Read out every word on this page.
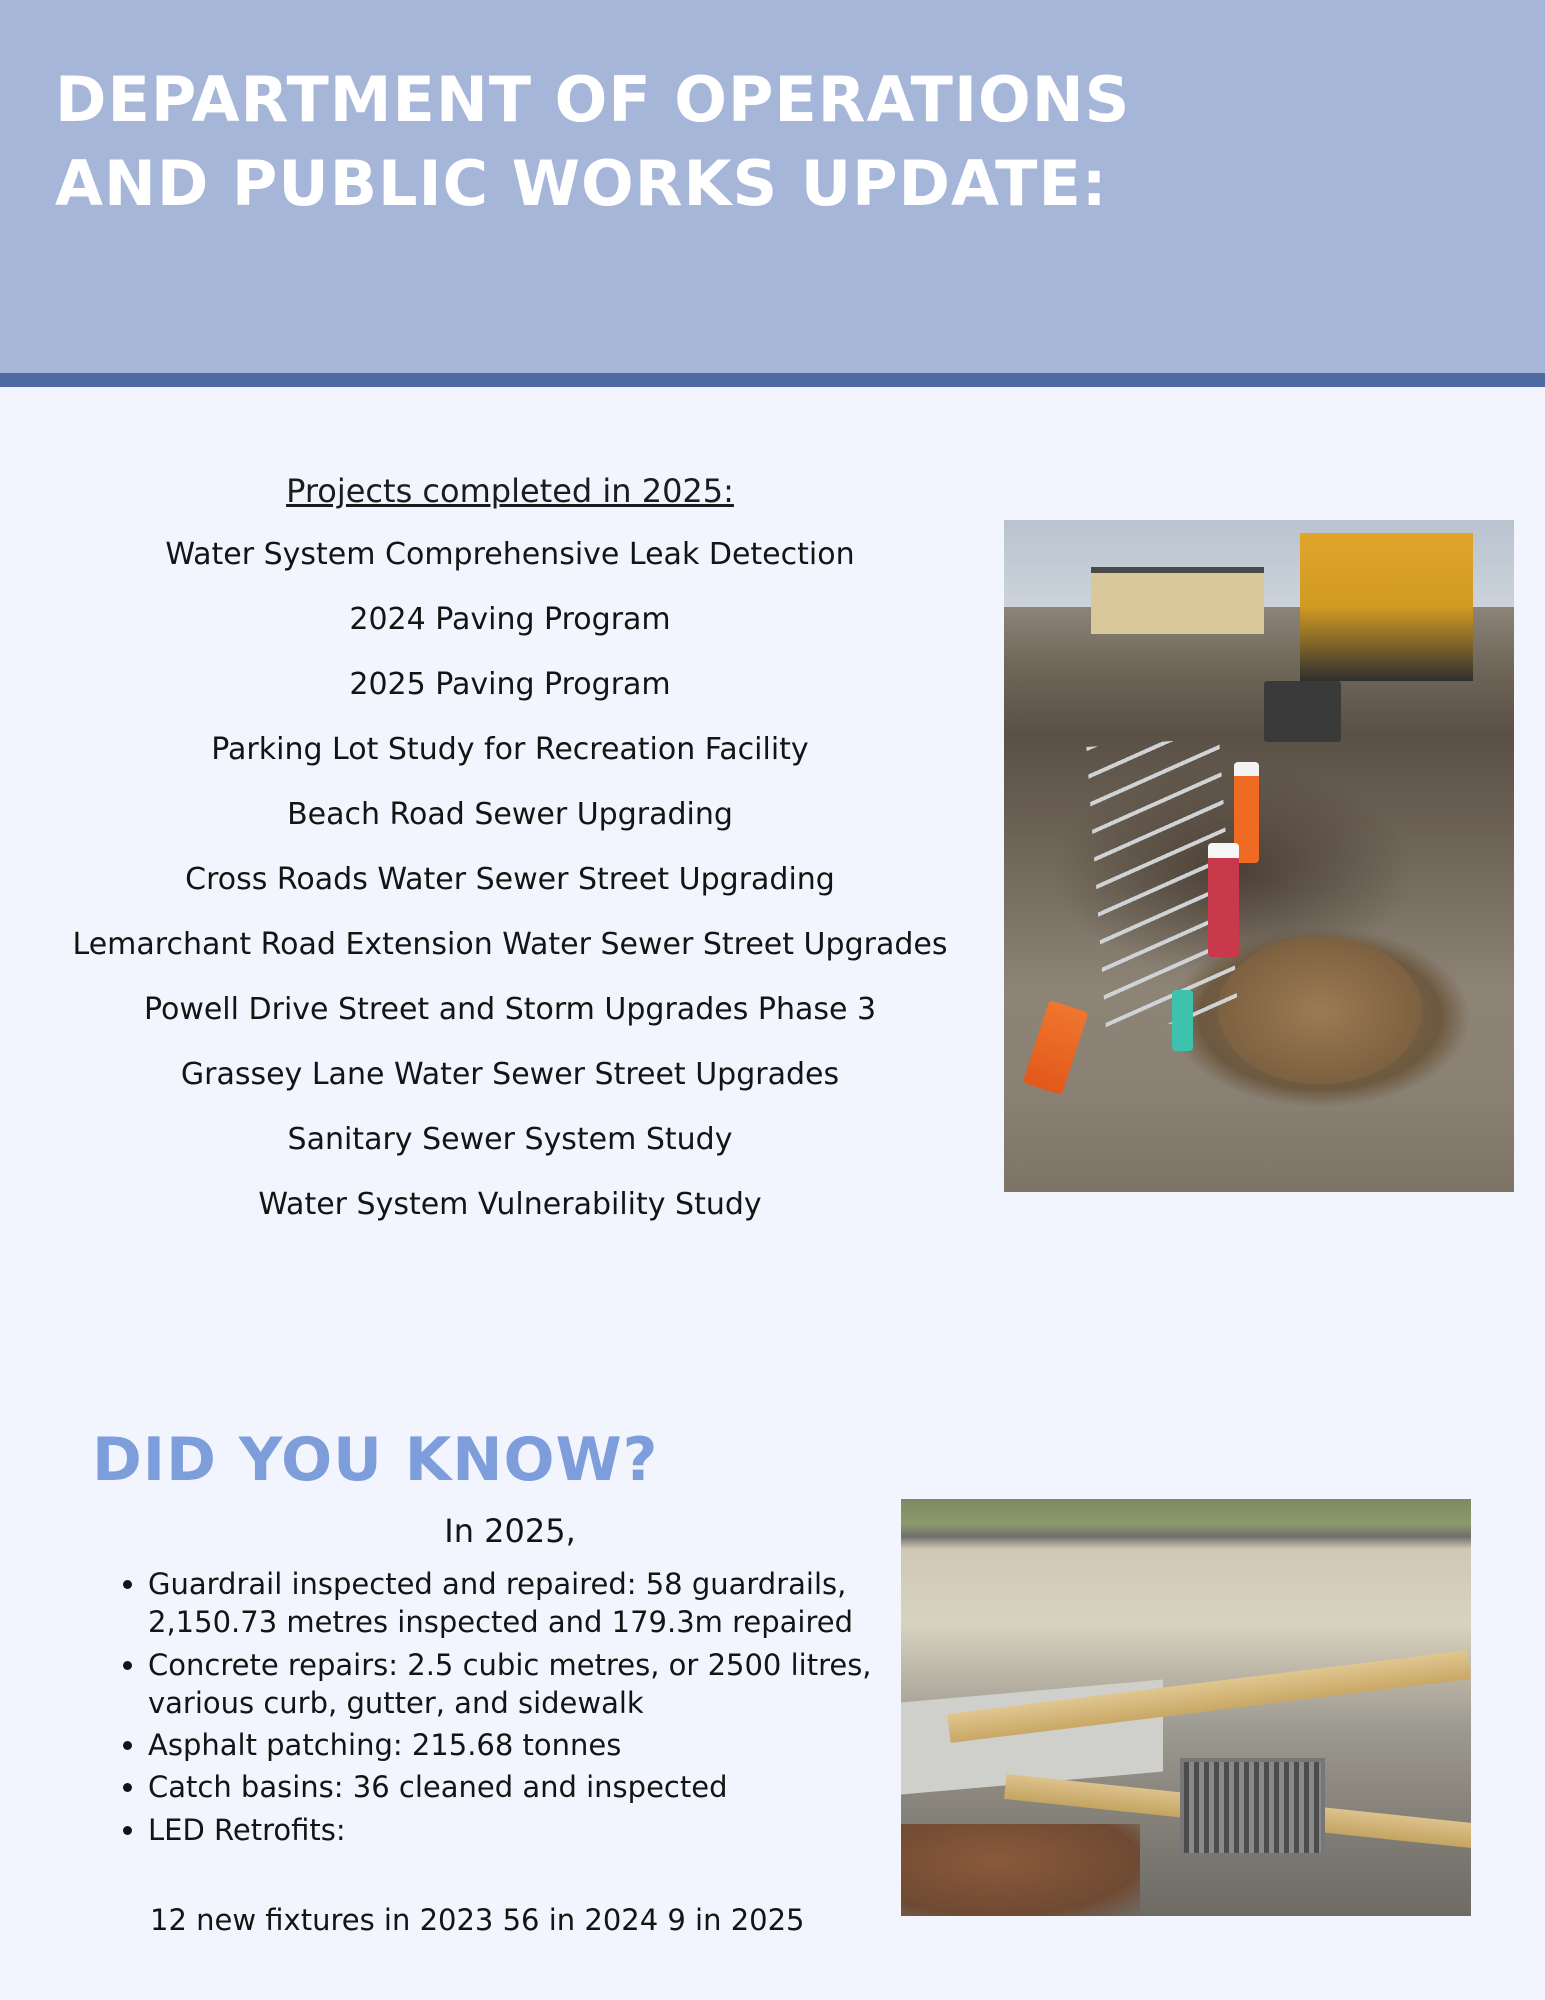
DEPARTMENT OF OPERATIONS AND PUBLIC WORKS UPDATE:
Projects completed in 2025:
Water System Comprehensive Leak Detection
2024 Paving Program
2025 Paving Program
Parking Lot Study for Recreation Facility
Beach Road Sewer Upgrading
Cross Roads Water Sewer Street Upgrading
Lemarchant Road Extension Water Sewer Street Upgrades
Powell Drive Street and Storm Upgrades Phase 3
Grassey Lane Water Sewer Street Upgrades
Sanitary Sewer System Study
Water System Vulnerability Study
DID YOU KNOW?
In 2025,
• Guardrail inspected and repaired: 58 guardrails, 2,150.73 metres inspected and 179.3m repaired
• Concrete repairs: 2.5 cubic metres, or 2500 litres, various curb, gutter, and sidewalk
• Asphalt patching: 215.68 tonnes
• Catch basins: 36 cleaned and inspected
• LED Retrofits:
12 new fixtures in 2023 56 in 2024 9 in 2025
